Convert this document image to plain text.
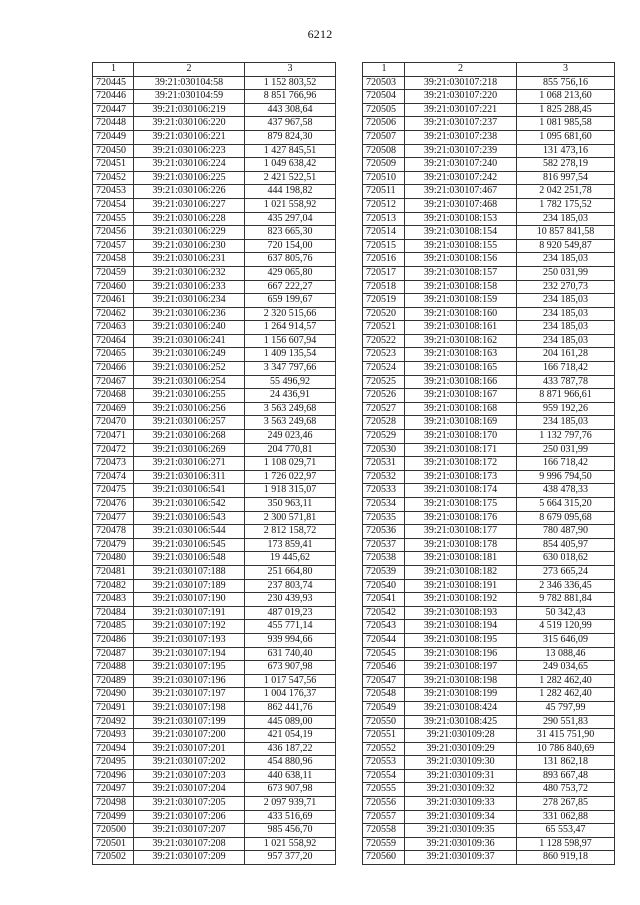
6212
1	2	3
720445	39:21:030104:58	1 152 803,52
720446	39:21:030104:59	8 851 766,96
720447	39:21:030106:219	443 308,64
720448	39:21:030106:220	437 967,58
720449	39:21:030106:221	879 824,30
720450	39:21:030106:223	1 427 845,51
720451	39:21:030106:224	1 049 638,42
720452	39:21:030106:225	2 421 522,51
720453	39:21:030106:226	444 198,82
720454	39:21:030106:227	1 021 558,92
720455	39:21:030106:228	435 297,04
720456	39:21:030106:229	823 665,30
720457	39:21:030106:230	720 154,00
720458	39:21:030106:231	637 805,76
720459	39:21:030106:232	429 065,80
720460	39:21:030106:233	667 222,27
720461	39:21:030106:234	659 199,67
720462	39:21:030106:236	2 320 515,66
720463	39:21:030106:240	1 264 914,57
720464	39:21:030106:241	1 156 607,94
720465	39:21:030106:249	1 409 135,54
720466	39:21:030106:252	3 347 797,66
720467	39:21:030106:254	55 496,92
720468	39:21:030106:255	24 436,91
720469	39:21:030106:256	3 563 249,68
720470	39:21:030106:257	3 563 249,68
720471	39:21:030106:268	249 023,46
720472	39:21:030106:269	204 770,81
720473	39:21:030106:271	1 108 029,71
720474	39:21:030106:311	1 726 022,97
720475	39:21:030106:541	1 918 315,07
720476	39:21:030106:542	350 963,11
720477	39:21:030106:543	2 300 571,81
720478	39:21:030106:544	2 812 158,72
720479	39:21:030106:545	173 859,41
720480	39:21:030106:548	19 445,62
720481	39:21:030107:188	251 664,80
720482	39:21:030107:189	237 803,74
720483	39:21:030107:190	230 439,93
720484	39:21:030107:191	487 019,23
720485	39:21:030107:192	455 771,14
720486	39:21:030107:193	939 994,66
720487	39:21:030107:194	631 740,40
720488	39:21:030107:195	673 907,98
720489	39:21:030107:196	1 017 547,56
720490	39:21:030107:197	1 004 176,37
720491	39:21:030107:198	862 441,76
720492	39:21:030107:199	445 089,00
720493	39:21:030107:200	421 054,19
720494	39:21:030107:201	436 187,22
720495	39:21:030107:202	454 880,96
720496	39:21:030107:203	440 638,11
720497	39:21:030107:204	673 907,98
720498	39:21:030107:205	2 097 939,71
720499	39:21:030107:206	433 516,69
720500	39:21:030107:207	985 456,70
720501	39:21:030107:208	1 021 558,92
720502	39:21:030107:209	957 377,20
1	2	3
720503	39:21:030107:218	855 756,16
720504	39:21:030107:220	1 068 213,60
720505	39:21:030107:221	1 825 288,45
720506	39:21:030107:237	1 081 985,58
720507	39:21:030107:238	1 095 681,60
720508	39:21:030107:239	131 473,16
720509	39:21:030107:240	582 278,19
720510	39:21:030107:242	816 997,54
720511	39:21:030107:467	2 042 251,78
720512	39:21:030107:468	1 782 175,52
720513	39:21:030108:153	234 185,03
720514	39:21:030108:154	10 857 841,58
720515	39:21:030108:155	8 920 549,87
720516	39:21:030108:156	234 185,03
720517	39:21:030108:157	250 031,99
720518	39:21:030108:158	232 270,73
720519	39:21:030108:159	234 185,03
720520	39:21:030108:160	234 185,03
720521	39:21:030108:161	234 185,03
720522	39:21:030108:162	234 185,03
720523	39:21:030108:163	204 161,28
720524	39:21:030108:165	166 718,42
720525	39:21:030108:166	433 787,78
720526	39:21:030108:167	8 871 966,61
720527	39:21:030108:168	959 192,26
720528	39:21:030108:169	234 185,03
720529	39:21:030108:170	1 132 797,76
720530	39:21:030108:171	250 031,99
720531	39:21:030108:172	166 718,42
720532	39:21:030108:173	9 996 794,50
720533	39:21:030108:174	438 478,33
720534	39:21:030108:175	5 664 315,20
720535	39:21:030108:176	8 679 095,68
720536	39:21:030108:177	780 487,90
720537	39:21:030108:178	854 405,97
720538	39:21:030108:181	630 018,62
720539	39:21:030108:182	273 665,24
720540	39:21:030108:191	2 346 336,45
720541	39:21:030108:192	9 782 881,84
720542	39:21:030108:193	50 342,43
720543	39:21:030108:194	4 519 120,99
720544	39:21:030108:195	315 646,09
720545	39:21:030108:196	13 088,46
720546	39:21:030108:197	249 034,65
720547	39:21:030108:198	1 282 462,40
720548	39:21:030108:199	1 282 462,40
720549	39:21:030108:424	45 797,99
720550	39:21:030108:425	290 551,83
720551	39:21:030109:28	31 415 751,90
720552	39:21:030109:29	10 786 840,69
720553	39:21:030109:30	131 862,18
720554	39:21:030109:31	893 667,48
720555	39:21:030109:32	480 753,72
720556	39:21:030109:33	278 267,85
720557	39:21:030109:34	331 062,88
720558	39:21:030109:35	65 553,47
720559	39:21:030109:36	1 128 598,97
720560	39:21:030109:37	860 919,18
